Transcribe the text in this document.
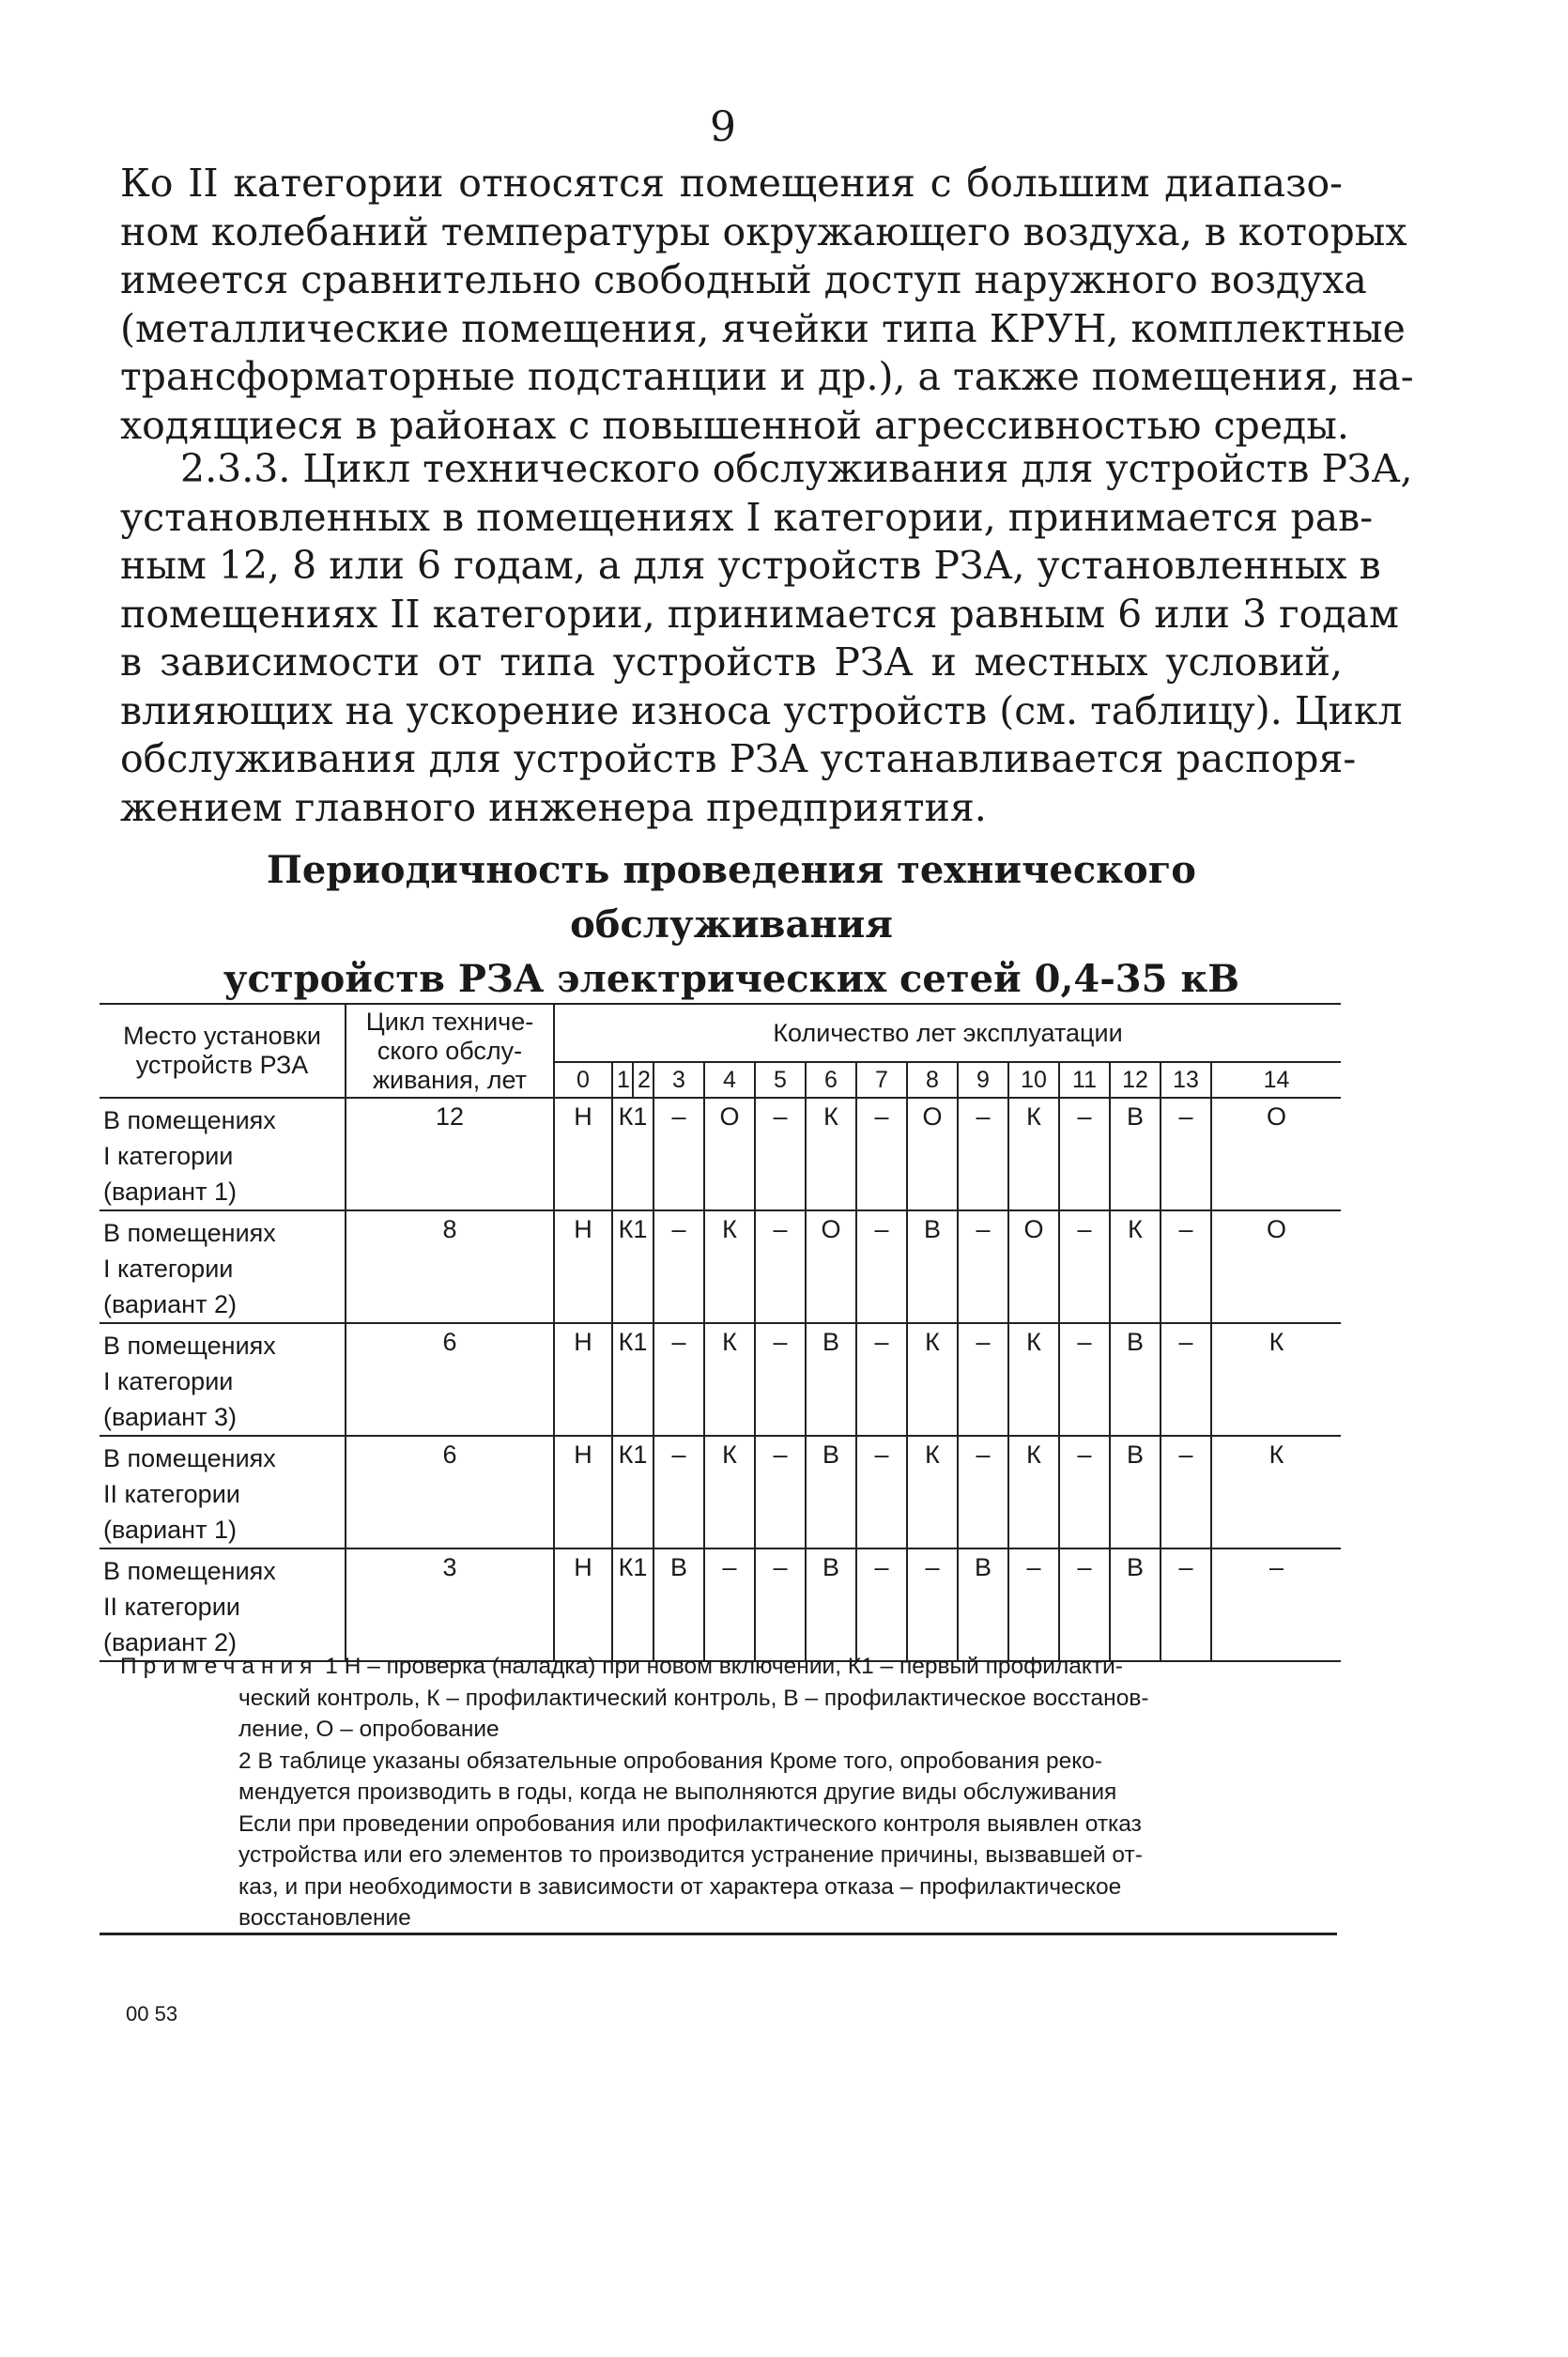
9
Ко II категории относятся помещения с большим диапазо-
ном колебаний температуры окружающего воздуха, в которых
имеется сравнительно свободный доступ наружного воздуха
(металлические помещения, ячейки типа КРУН, комплектные
трансформаторные подстанции и др.), а также помещения, на-
ходящиеся в районах с повышенной агрессивностью среды.
2.3.3. Цикл технического обслуживания для устройств РЗА,
установленных в помещениях I категории, принимается рав-
ным 12, 8 или 6 годам, а для устройств РЗА, установленных в
помещениях II категории, принимается равным 6 или 3 годам
в зависимости от типа устройств РЗА и местных условий,
влияющих на ускорение износа устройств (см. таблицу). Цикл
обслуживания для устройств РЗА устанавливается распоря-
жением главного инженера предприятия.
Периодичность проведения технического обслуживания
устройств РЗА электрических сетей 0,4-35 кВ
Место установки устройств РЗА	Цикл техниче-ского обслу-живания, лет	Количество лет эксплуатации														
		0	1	2	3	4	5	6	7	8	9	10	11	12	13	14

В помещениях
I категории
(вариант 1)	12	Н	К1		–	О	–	К	–	О	–	К	–	В	–	О

В помещениях
I категории
(вариант 2)	8	Н	К1		–	К	–	О	–	В	–	О	–	К	–	О

В помещениях
I категории
(вариант 3)	6	Н	К1		–	К	–	В	–	К	–	К	–	В	–	К

В помещениях
II категории
(вариант 1)	6	Н	К1		–	К	–	В	–	К	–	К	–	В	–	К

В помещениях
II категории
(вариант 2)	3	Н	К1		В	–	–	В	–	–	В	–	–	В	–	–
Примечания 1 Н – проверка (наладка) при новом включении, К1 – первый профилакти-
ческий контроль, К – профилактический контроль, В – профилактическое восстанов-
ление, О – опробование
2 В таблице указаны обязательные опробования Кроме того, опробования реко-
мендуется производить в годы, когда не выполняются другие виды обслуживания
Если при проведении опробования или профилактического контроля выявлен отказ
устройства или его элементов то производится устранение причины, вызвавшей от-
каз, и при необходимости в зависимости от характера отказа – профилактическое
восстановление
00 53
